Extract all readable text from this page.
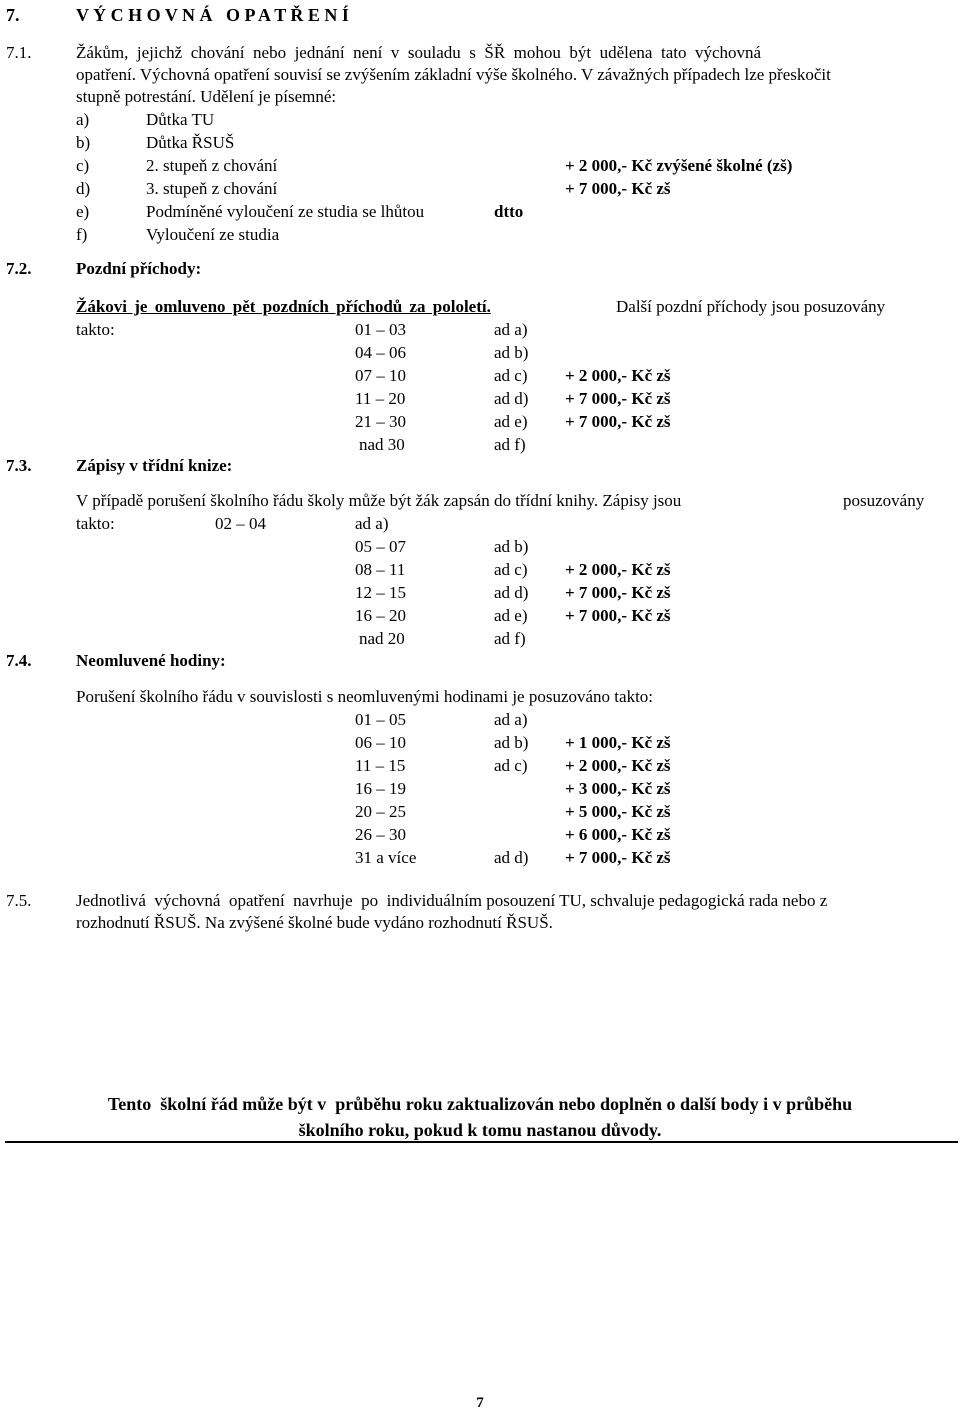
7.	V Ý C H O V N Á   O P A T Ř E N Í
7.1.	Žákům,  jejichž  chování  nebo  jednání  není  v  souladu  s  ŠŘ  mohou  být  udělena  tato  výchovná
opatření. Výchovná opatření souvisí se zvýšením základní výše školného. V závažných případech lze přeskočit
stupně potrestání. Udělení je písemné:
a)	Důtka TU
b)	Důtka ŘSUŠ
c)	2. stupeň z chování	+ 2 000,- Kč zvýšené školné (zš)
d)	3. stupeň z chování	+ 7 000,- Kč zš
e)	Podmíněné vyloučení ze studia se lhůtou	dtto
f)	Vyloučení ze studia
7.2.	Pozdní příchody:
Žákovi je omluveno pět pozdních příchodů za pololetí.	Další pozdní příchody jsou posuzovány
takto:	01 – 03	ad a)
04 – 06	ad b)
07 – 10	ad c) + 2 000,- Kč zš
11 – 20	ad d) + 7 000,- Kč zš
21 – 30	ad e) + 7 000,- Kč zš
nad 30	ad f)
7.3.	Zápisy v třídní knize:
V případě porušení školního řádu školy může být žák zapsán do třídní knihy. Zápisy jsou	posuzovány
takto:	02 – 04	ad a)
05 – 07	ad b)
08 – 11	ad c) + 2 000,- Kč zš
12 – 15	ad d) + 7 000,- Kč zš
16 – 20	ad e) + 7 000,- Kč zš
nad 20	ad f)
7.4.	Neomluvené hodiny:
Porušení školního řádu v souvislosti s neomluvenými hodinami je posuzováno takto:
01 – 05	ad a)
06 – 10	ad b) + 1 000,- Kč zš
11 – 15	ad c) + 2 000,- Kč zš
16 – 19	+ 3 000,- Kč zš
20 – 25	+ 5 000,- Kč zš
26 – 30	+ 6 000,- Kč zš
31 a více	ad d) + 7 000,- Kč zš
7.5.	Jednotlivá  výchovná  opatření  navrhuje  po  individuálním posouzení TU, schvaluje pedagogická rada nebo z
rozhodnutí ŘSUŠ. Na zvýšené školné bude vydáno rozhodnutí ŘSUŠ.
Tento  školní řád může být v  průběhu roku zaktualizován nebo doplněn o další body i v průběhu
školního roku, pokud k tomu nastanou důvody.
7
